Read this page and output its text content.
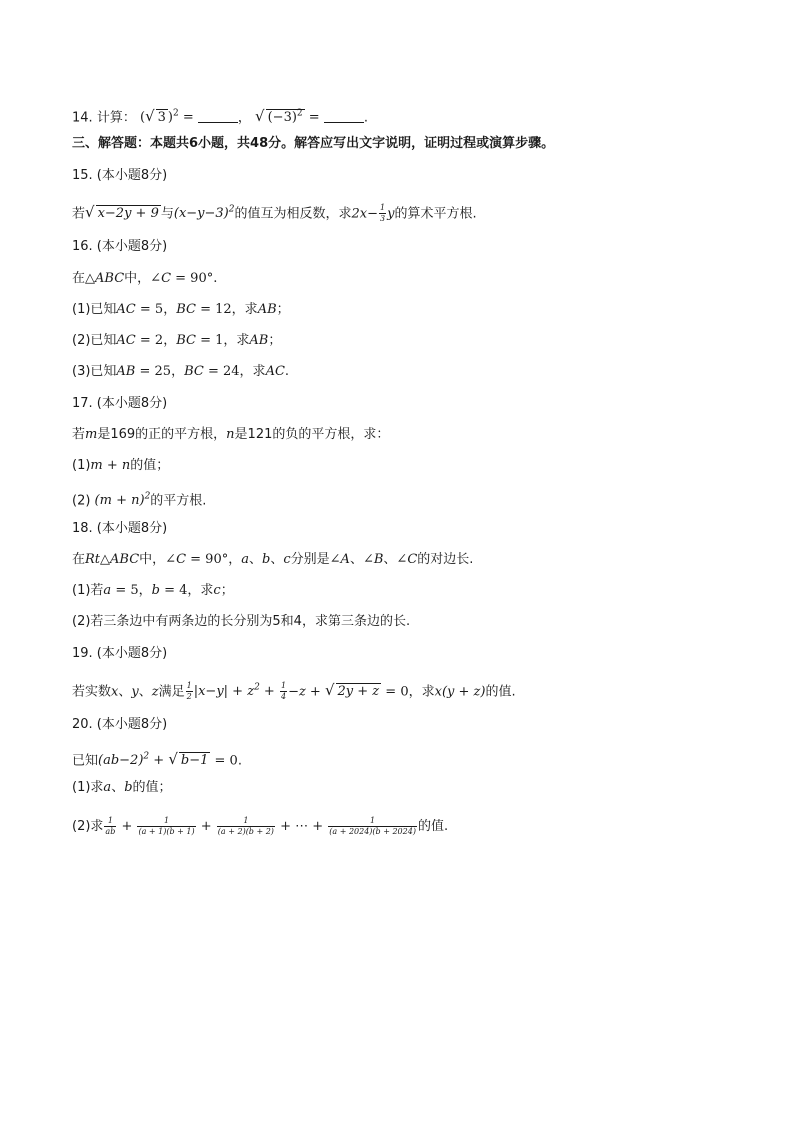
14. 计算： (√ 3 )$^2$ =	， √ $(-3)^2$ =	.
三、解答题：本题共6小题，共48分。解答应写出文字说明，证明过程或演算步骤。
15. (本小题8分)
若√ x−2y + 9 与$(x-y-3)^2$的值互为相反数，求$2x- \frac{1}{3}$ y的算术平方根.
16. (本小题8分)
在△ABC中，∠C = 90°.
(1)已知AC = 5，BC = 12，求AB；
(2)已知AC = 2，BC = 1，求AB；
(3)已知AB = 25，BC = 24，求AC.
17. (本小题8分)
若m是169的正的平方根，n是121的负的平方根，求：
(1)m + n的值；
(2) $(m + n)^2$的平方根.
18. (本小题8分)
在Rt△ABC中，∠C = 90°，a、b、c分别是∠A、∠B、∠C的对边长.
(1)若a = 5，b = 4，求c；
(2)若三条边中有两条边的长分别为5和4，求第三条边的长.
19. (本小题8分)
若实数x、y、z满足 $\frac{1}{2} |x-y| + z^2 + \frac{1}{4} -z$ + √ 2y + z = 0，求x(y + z)的值.
20. (本小题8分)
已知$(ab-2)^2$ + √ b−1 = 0.
(1)求a、b的值；
(2)求 $\frac{1}{ab} + \frac{1}{(a + 1)(b + 1)} + \frac{1}{(a + 2)(b + 2)}$ + ⋯ + $\frac{1}{(a + 2024)(b + 2024)}$ 的值.
